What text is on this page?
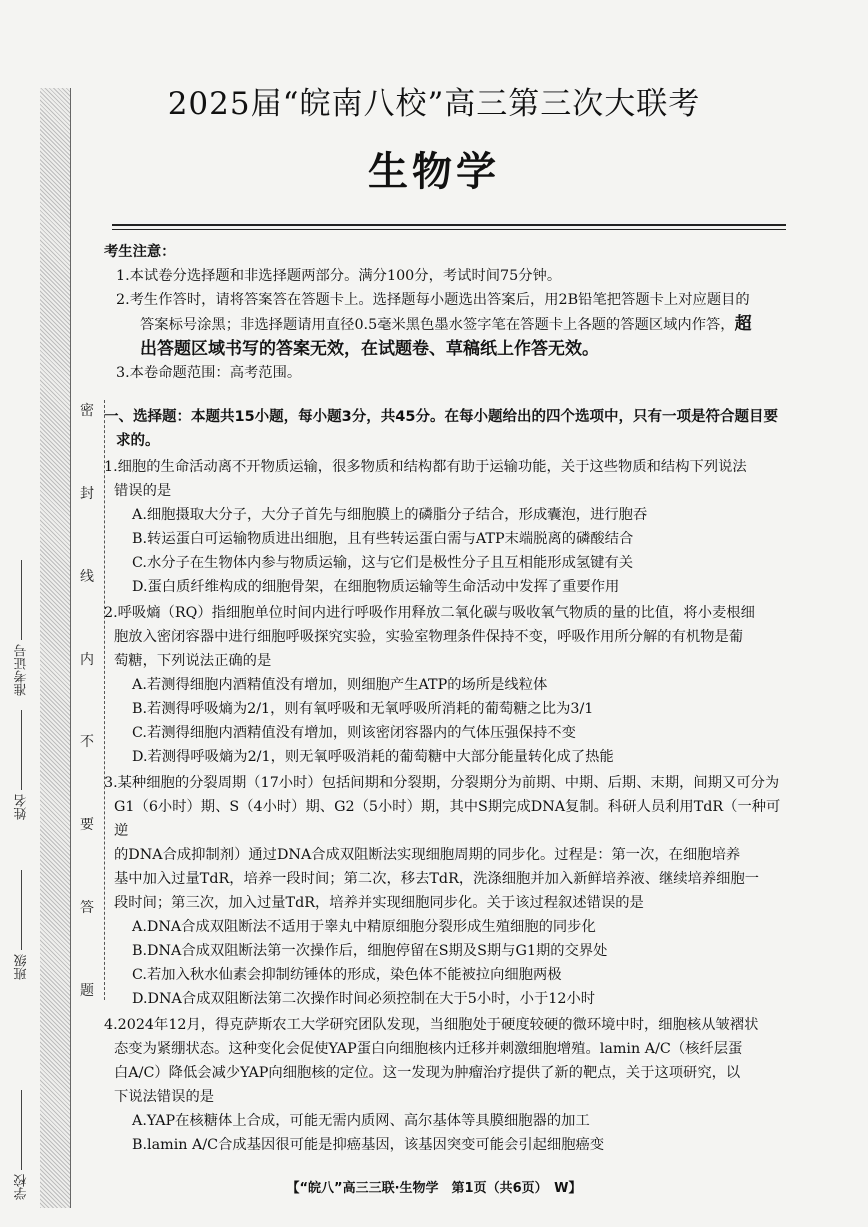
密
封
线
内
不
要
答
题
学校
班级
姓名
准考证号
2025届“皖南八校”高三第三次大联考
生物学
考生注意：
1.本试卷分选择题和非选择题两部分。满分100分，考试时间75分钟。
2.考生作答时，请将答案答在答题卡上。选择题每小题选出答案后，用2B铅笔把答题卡上对应题目的
答案标号涂黑；非选择题请用直径0.5毫米黑色墨水签字笔在答题卡上各题的答题区域内作答，超
出答题区域书写的答案无效，在试题卷、草稿纸上作答无效。
3.本卷命题范围：高考范围。
一、选择题：本题共15小题，每小题3分，共45分。在每小题给出的四个选项中，只有一项是符合题目要
求的。
1.细胞的生命活动离不开物质运输，很多物质和结构都有助于运输功能，关于这些物质和结构下列说法
错误的是
A.细胞摄取大分子，大分子首先与细胞膜上的磷脂分子结合，形成囊泡，进行胞吞
B.转运蛋白可运输物质进出细胞，且有些转运蛋白需与ATP末端脱离的磷酸结合
C.水分子在生物体内参与物质运输，这与它们是极性分子且互相能形成氢键有关
D.蛋白质纤维构成的细胞骨架，在细胞物质运输等生命活动中发挥了重要作用
2.呼吸熵（RQ）指细胞单位时间内进行呼吸作用释放二氧化碳与吸收氧气物质的量的比值，将小麦根细
胞放入密闭容器中进行细胞呼吸探究实验，实验室物理条件保持不变，呼吸作用所分解的有机物是葡
萄糖，下列说法正确的是
A.若测得细胞内酒精值没有增加，则细胞产生ATP的场所是线粒体
B.若测得呼吸熵为2/1，则有氧呼吸和无氧呼吸所消耗的葡萄糖之比为3/1
C.若测得细胞内酒精值没有增加，则该密闭容器内的气体压强保持不变
D.若测得呼吸熵为2/1，则无氧呼吸消耗的葡萄糖中大部分能量转化成了热能
3.某种细胞的分裂周期（17小时）包括间期和分裂期，分裂期分为前期、中期、后期、末期，间期又可分为
G1（6小时）期、S（4小时）期、G2（5小时）期，其中S期完成DNA复制。科研人员利用TdR（一种可逆
的DNA合成抑制剂）通过DNA合成双阻断法实现细胞周期的同步化。过程是：第一次，在细胞培养
基中加入过量TdR，培养一段时间；第二次，移去TdR，洗涤细胞并加入新鲜培养液、继续培养细胞一
段时间；第三次，加入过量TdR，培养并实现细胞同步化。关于该过程叙述错误的是
A.DNA合成双阻断法不适用于睾丸中精原细胞分裂形成生殖细胞的同步化
B.DNA合成双阻断法第一次操作后，细胞停留在S期及S期与G1期的交界处
C.若加入秋水仙素会抑制纺锤体的形成，染色体不能被拉向细胞两极
D.DNA合成双阻断法第二次操作时间必须控制在大于5小时，小于12小时
4.2024年12月，得克萨斯农工大学研究团队发现，当细胞处于硬度较硬的微环境中时，细胞核从皱褶状
态变为紧绷状态。这种变化会促使YAP蛋白向细胞核内迁移并刺激细胞增殖。lamin A/C（核纤层蛋
白A/C）降低会减少YAP向细胞核的定位。这一发现为肿瘤治疗提供了新的靶点，关于这项研究，以
下说法错误的是
A.YAP在核糖体上合成，可能无需内质网、高尔基体等具膜细胞器的加工
B.lamin A/C合成基因很可能是抑癌基因，该基因突变可能会引起细胞癌变
【“皖八”高三三联·生物学　第1页（共6页）　W】
